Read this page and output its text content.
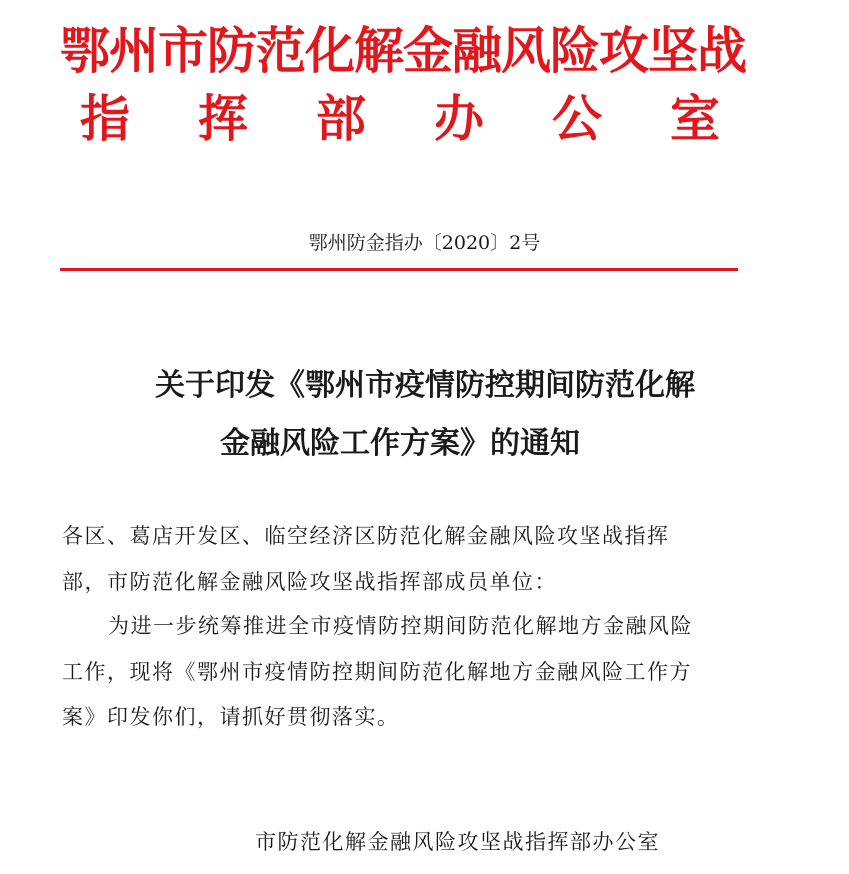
鄂州市防范化解金融风险攻坚战
指 挥 部 办 公 室
鄂州防金指办〔2020〕2号
关于印发《鄂州市疫情防控期间防范化解
金融风险工作方案》的通知
各区、葛店开发区、临空经济区防范化解金融风险攻坚战指挥
部，市防范化解金融风险攻坚战指挥部成员单位：
为进一步统筹推进全市疫情防控期间防范化解地方金融风险
工作，现将《鄂州市疫情防控期间防范化解地方金融风险工作方
案》印发你们，请抓好贯彻落实。
市防范化解金融风险攻坚战指挥部办公室
